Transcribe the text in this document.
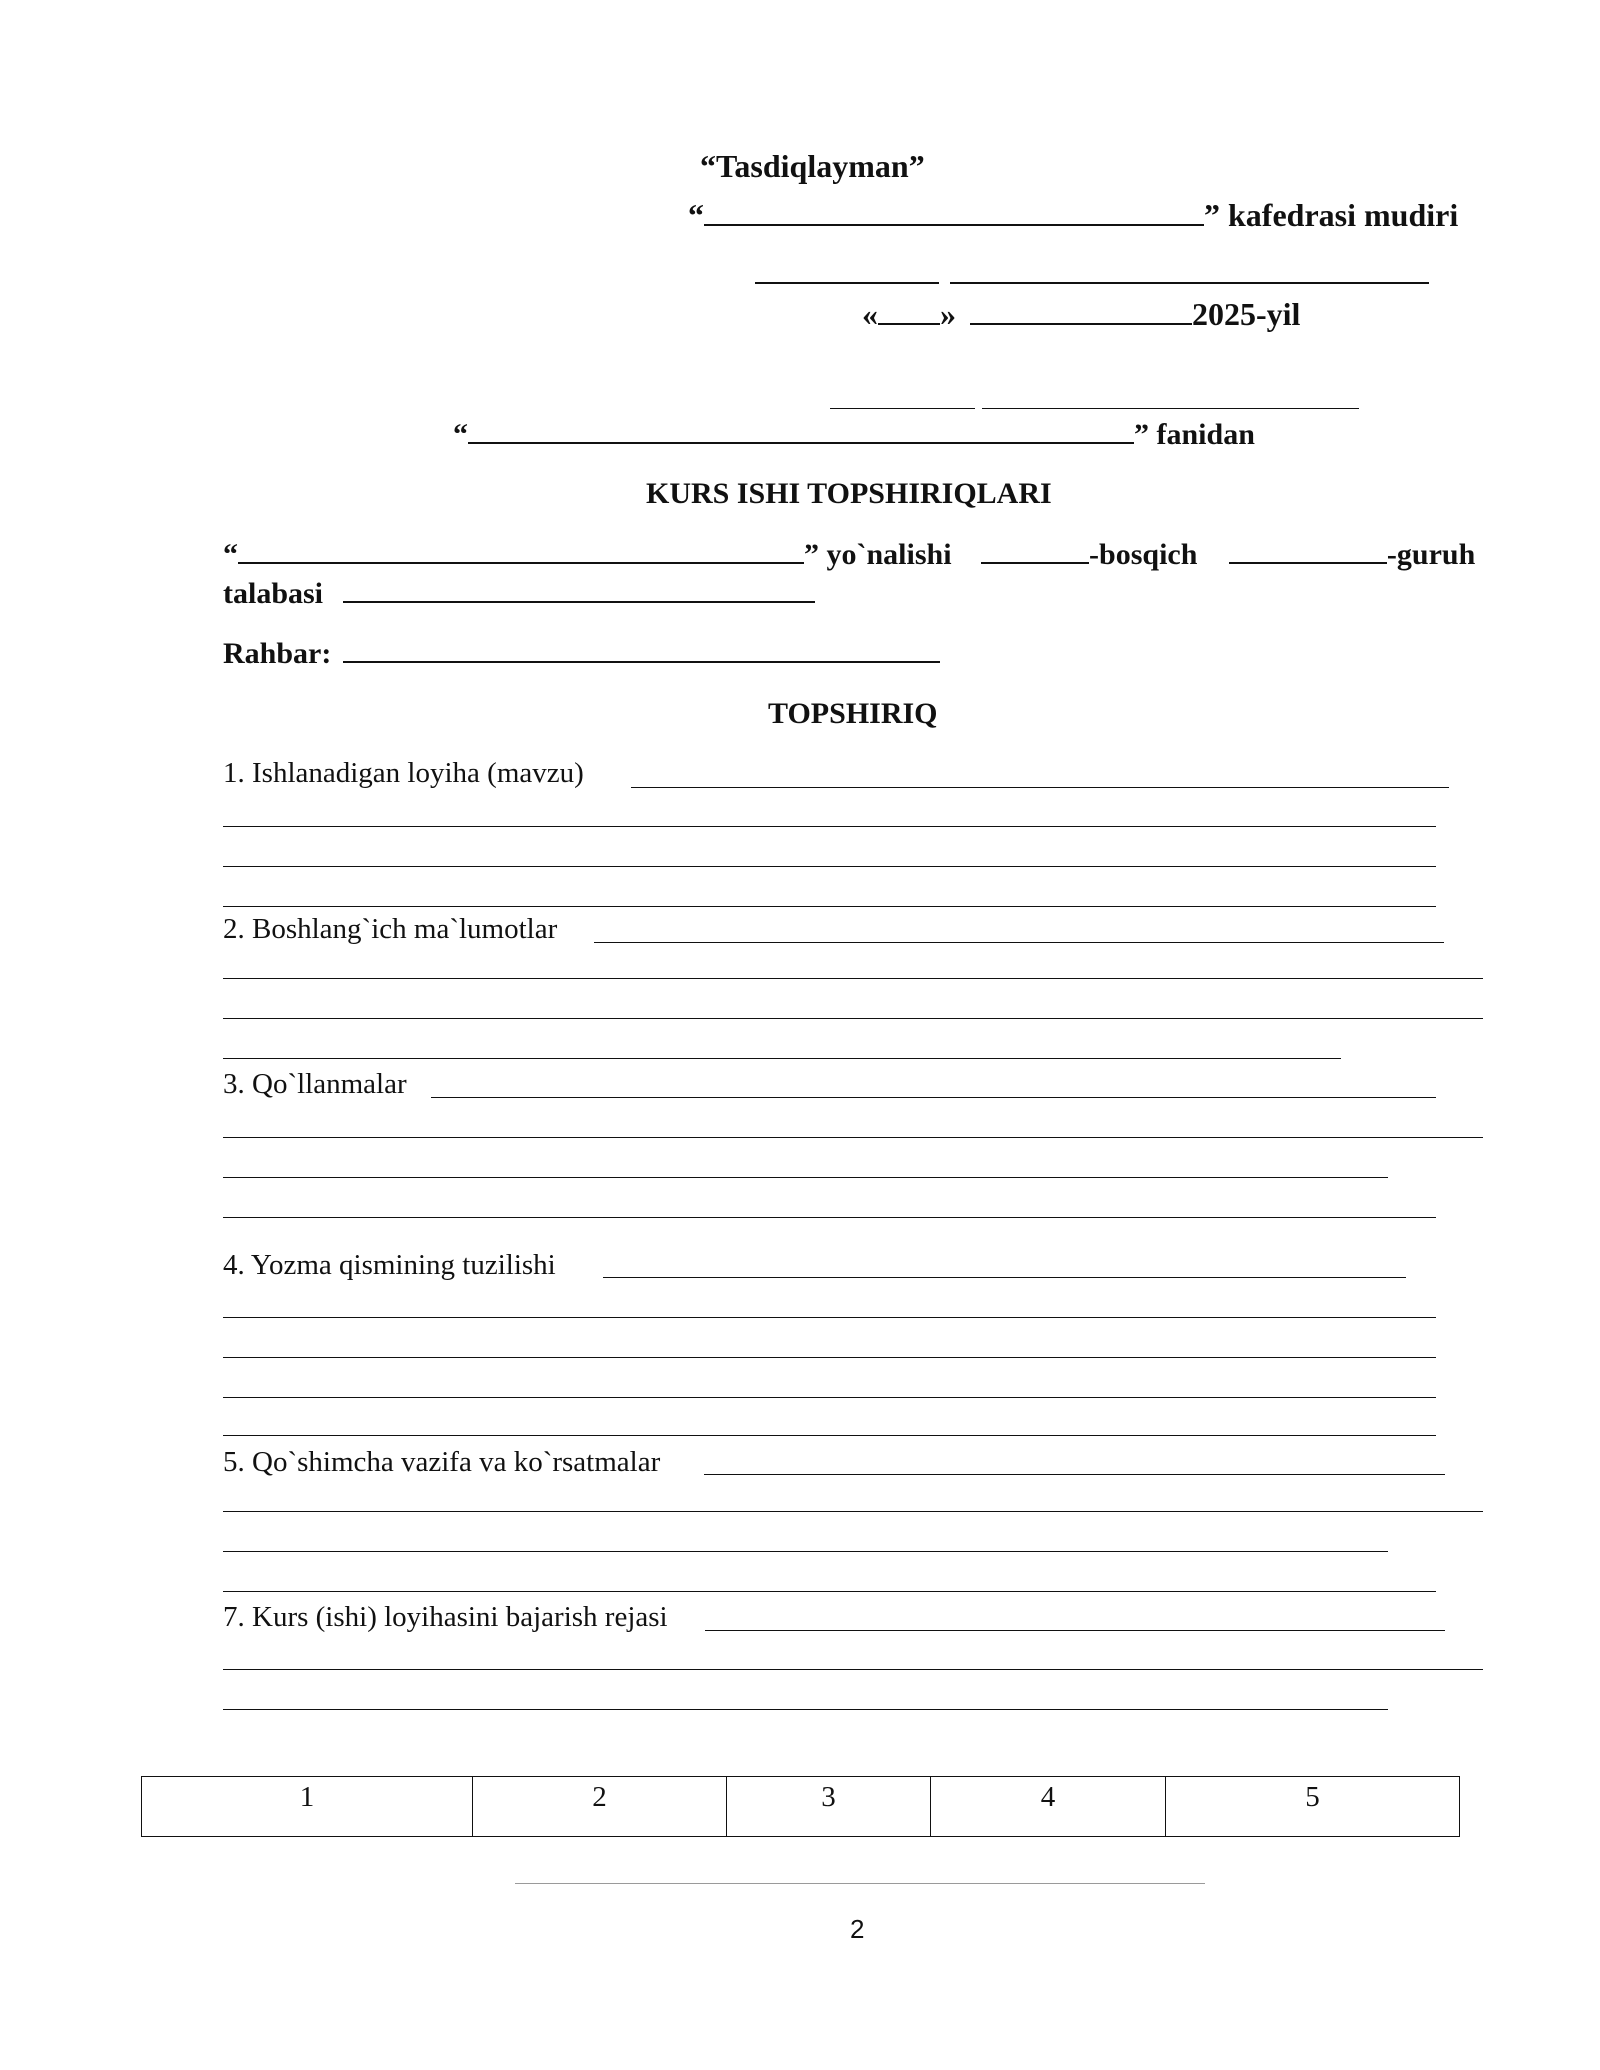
“Tasdiqlayman”
“	” kafedrasi mudiri
« »	2025-yil
“	” fanidan
KURS ISHI TOPSHIRIQLARI
“	” yo`nalishi	-bosqich	-guruh
talabasi
Rahbar:
TOPSHIRIQ
1. Ishlanadigan loyiha (mavzu)
2. Boshlang`ich ma`lumotlar
3. Qo`llanmalar
4. Yozma qismining tuzilishi
5. Qo`shimcha vazifa va ko`rsatmalar
7. Kurs (ishi) loyihasini bajarish rejasi
1	2	3	4	5
2
